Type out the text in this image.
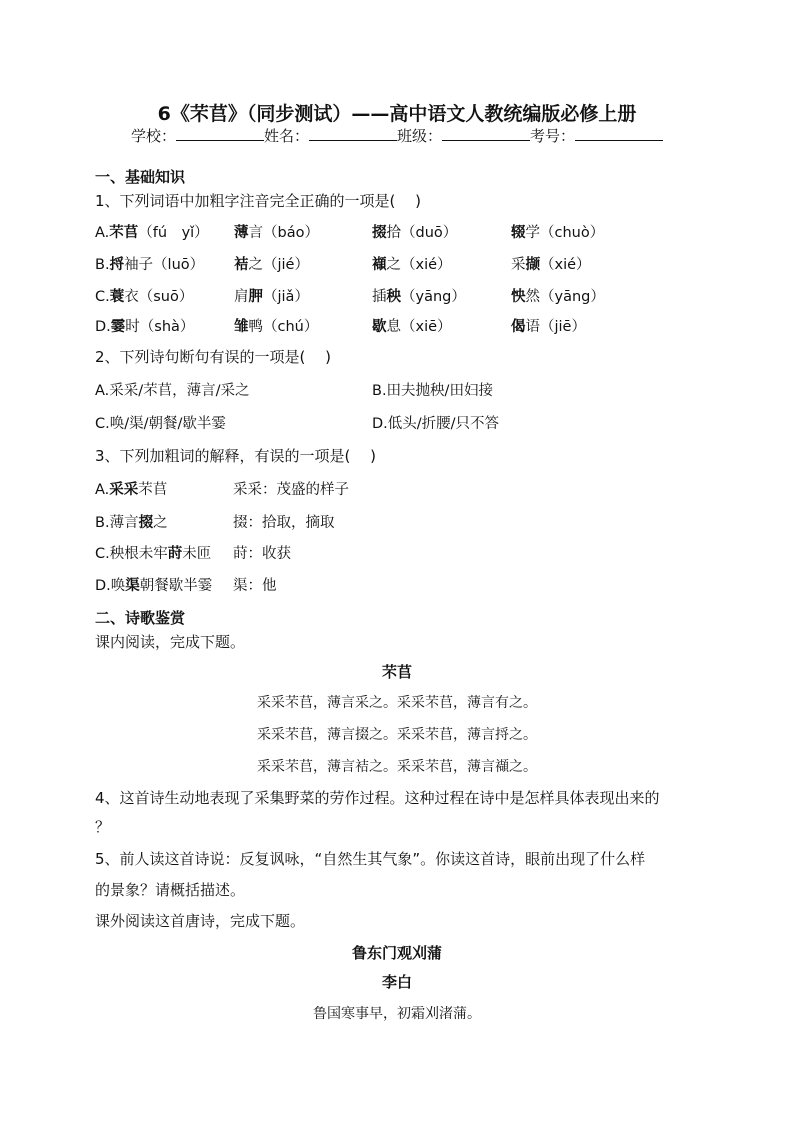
6《芣苢》（同步测试）——高中语文人教统编版必修上册
学校：	姓名：	班级：	考号：
一、基础知识
1、下列词语中加粗字注音完全正确的一项是(　 )
A.芣苢（fú　yǐ） 薄言（báo）	掇拾（duō）	辍学（chuò）
B.捋袖子（luō） 袺之（jié）	襭之（xié）	采撷（xié）
C.蓑衣（suō）	肩胛（jiǎ）	插秧（yāng）	怏然（yāng）
D.霎时（shà）	雏鸭（chú）	歇息（xiē）	偈语（jiē）
2、下列诗句断句有误的一项是(　 )
A.采采/芣苢，薄言/采之	B.田夫抛秧/田妇接
C.唤/渠/朝餐/歇半霎	D.低头/折腰/只不答
3、下列加粗词的解释，有误的一项是(　 )
A.采采芣苢	采采：茂盛的样子
B.薄言掇之	掇：拾取，摘取
C.秧根未牢莳未匝 莳：收获
D.唤渠朝餐歇半霎 渠：他
二、诗歌鉴赏
课内阅读，完成下题。
芣苢
采采芣苢，薄言采之。采采芣苢，薄言有之。
采采芣苢，薄言掇之。采采芣苢，薄言捋之。
采采芣苢，薄言袺之。采采芣苢，薄言襭之。
4、这首诗生动地表现了采集野菜的劳作过程。这种过程在诗中是怎样具体表现出来的
？
5、前人读这首诗说：反复讽咏，“自然生其气象”。你读这首诗，眼前出现了什么样
的景象？请概括描述。
课外阅读这首唐诗，完成下题。
鲁东门观刈蒲
李白
鲁国寒事早，初霜刈渚蒲。
